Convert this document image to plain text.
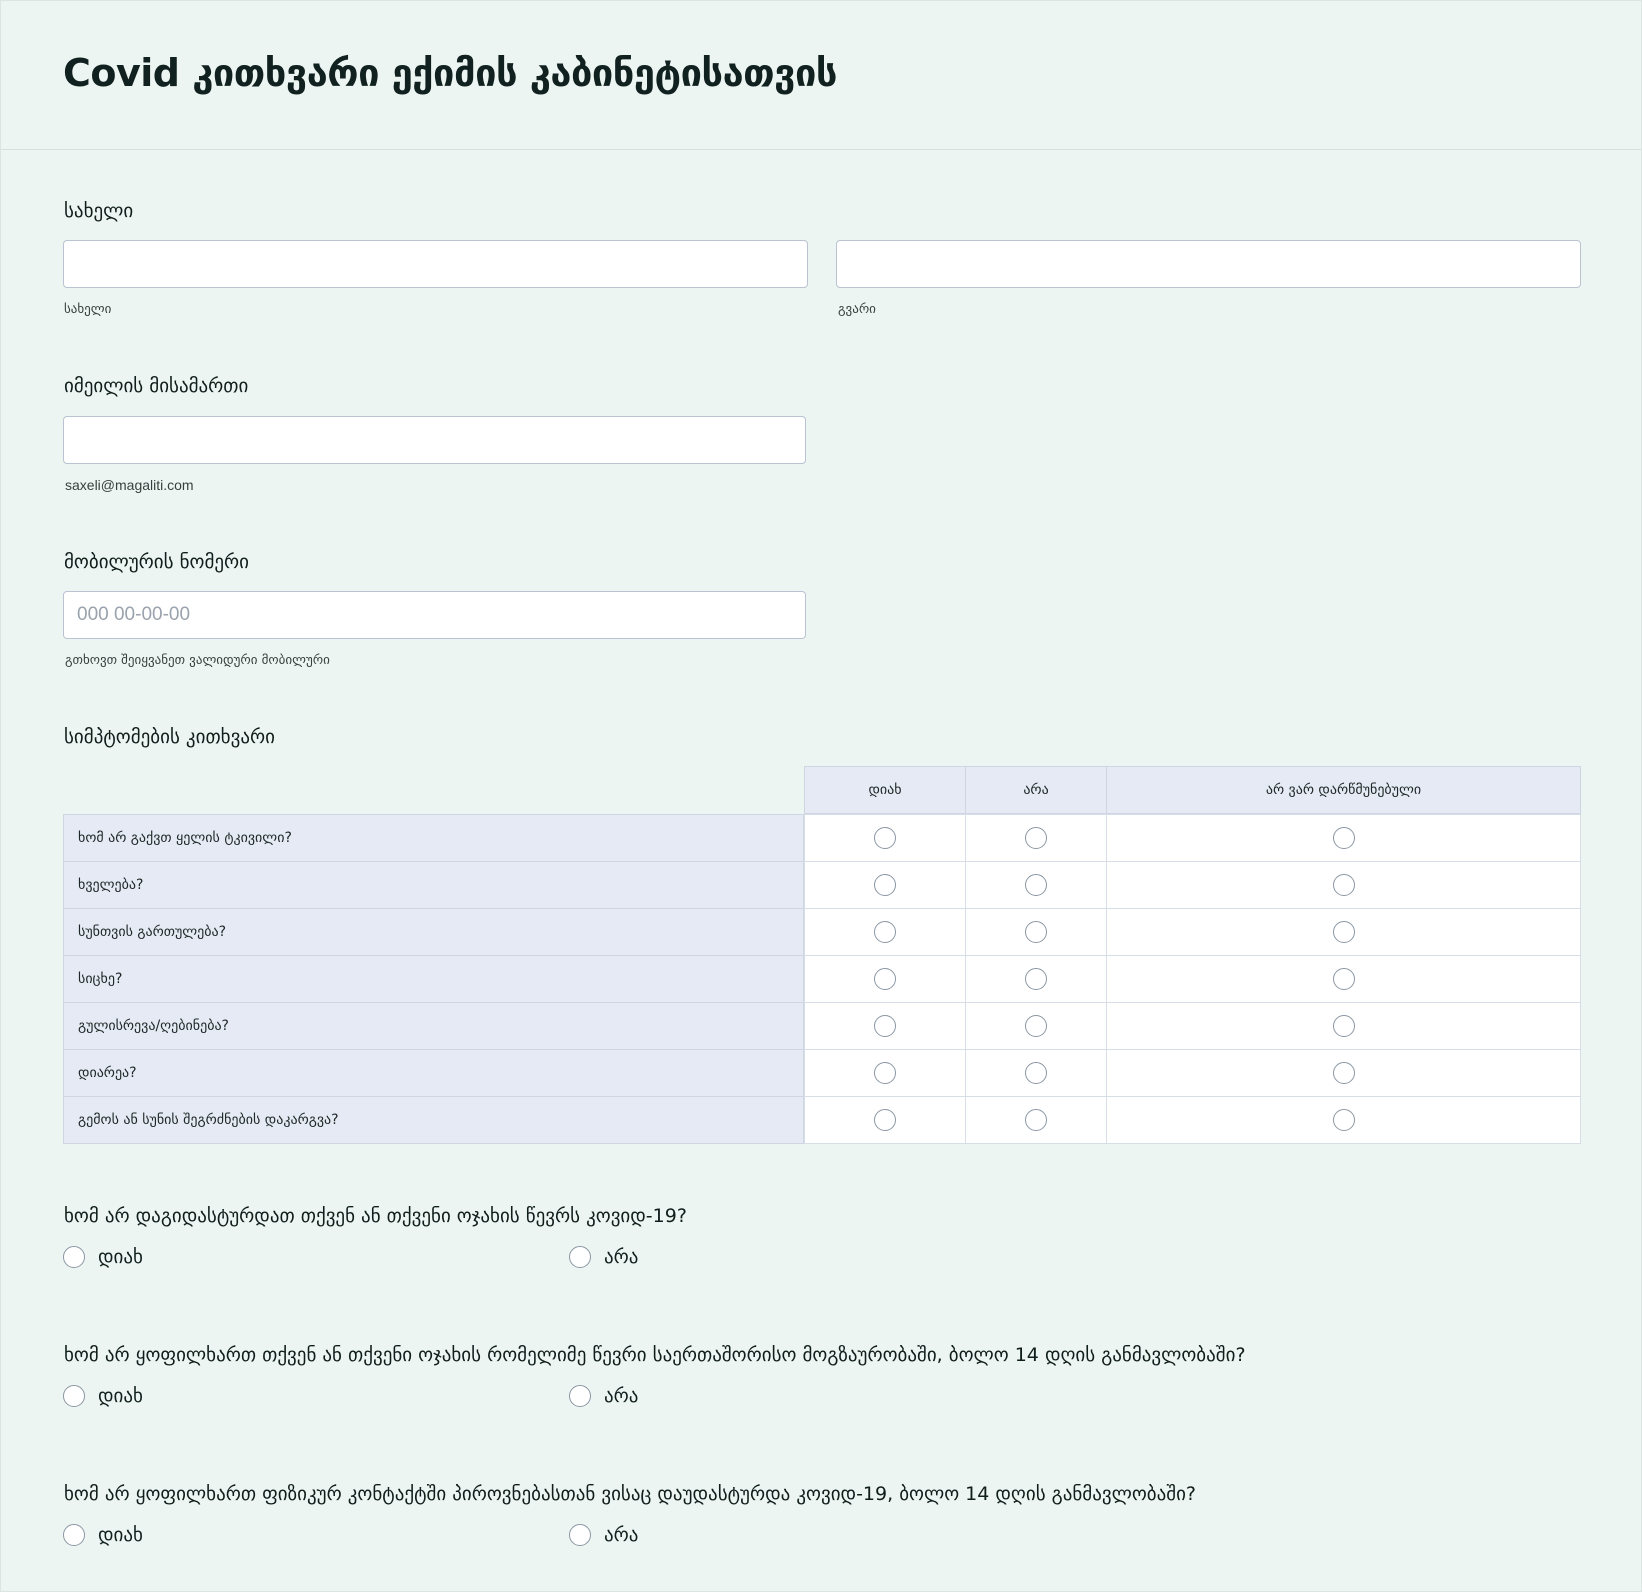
Covid კითხვარი ექიმის კაბინეტისათვის
სახელი
სახელი	გვარი
იმეილის მისამართი
saxeli@magaliti.com
მობილურის ნომერი
000 00-00-00
გთხოვთ შეიყვანეთ ვალიდური მობილური
სიმპტომების კითხვარი
დიახ	არა	არ ვარ დარწმუნებული
ხომ არ გაქვთ ყელის ტკივილი?
ხველება?
სუნთვის გართულება?
სიცხე?
გულისრევა/ღებინება?
დიარეა?
გემოს ან სუნის შეგრძნების დაკარგვა?
ხომ არ დაგიდასტურდათ თქვენ ან თქვენი ოჯახის წევრს კოვიდ-19?
დიახ	არა
ხომ არ ყოფილხართ თქვენ ან თქვენი ოჯახის რომელიმე წევრი საერთაშორისო მოგზაურობაში, ბოლო 14 დღის განმავლობაში?
დიახ	არა
ხომ არ ყოფილხართ ფიზიკურ კონტაქტში პიროვნებასთან ვისაც დაუდასტურდა კოვიდ-19, ბოლო 14 დღის განმავლობაში?
დიახ	არა
